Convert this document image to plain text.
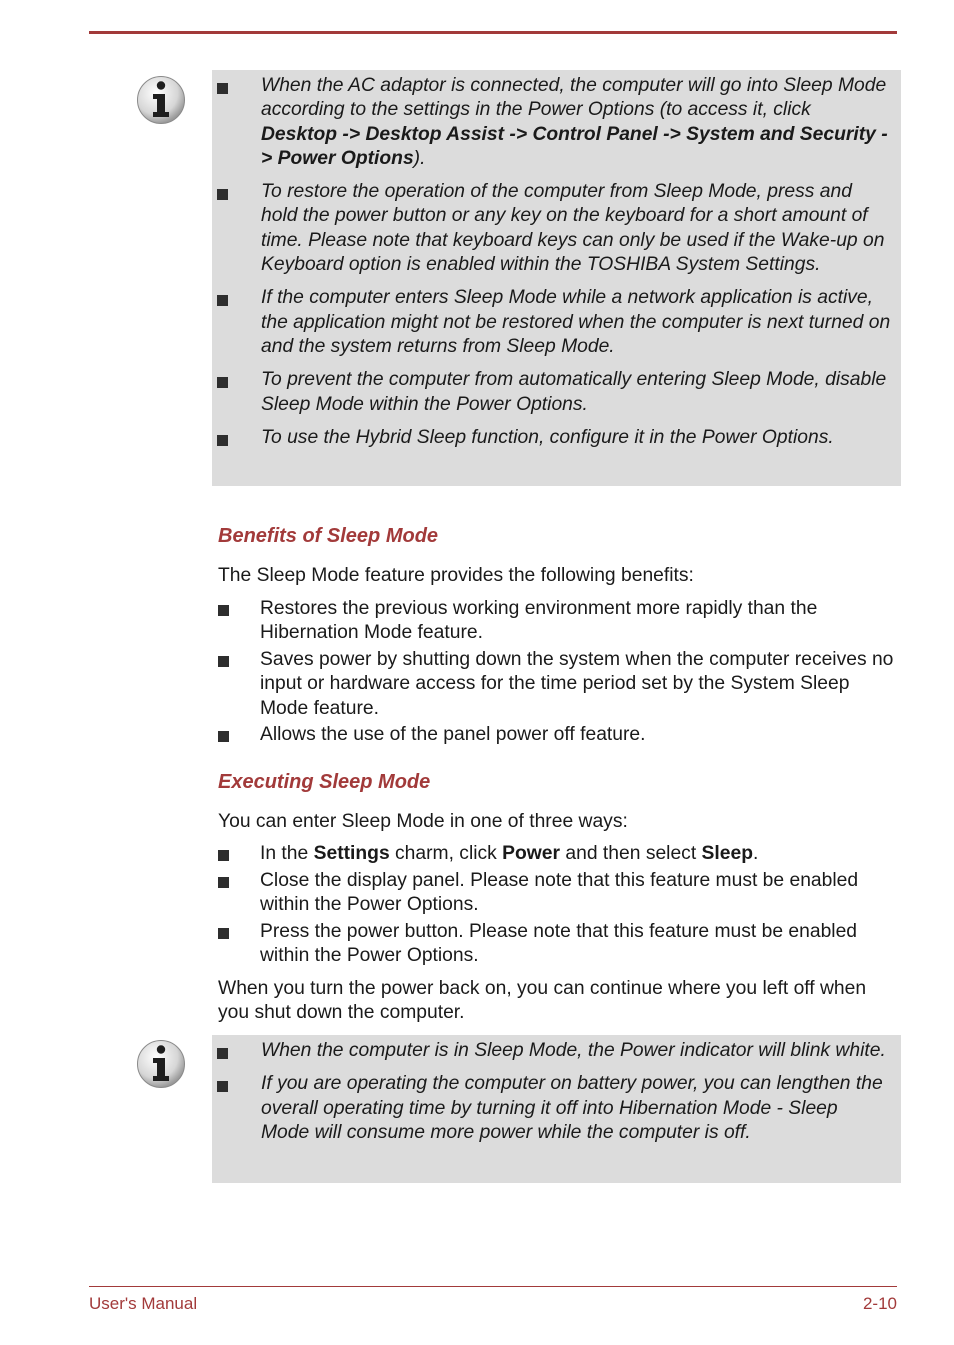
When the AC adaptor is connected, the computer will go into Sleep Mode according to the settings in the Power Options (to access it, click Desktop -> Desktop Assist -> Control Panel -> System and Security -> Power Options).
To restore the operation of the computer from Sleep Mode, press and hold the power button or any key on the keyboard for a short amount of time. Please note that keyboard keys can only be used if the Wake-up on Keyboard option is enabled within the TOSHIBA System Settings.
If the computer enters Sleep Mode while a network application is active, the application might not be restored when the computer is next turned on and the system returns from Sleep Mode.
To prevent the computer from automatically entering Sleep Mode, disable Sleep Mode within the Power Options.
To use the Hybrid Sleep function, configure it in the Power Options.
Benefits of Sleep Mode
The Sleep Mode feature provides the following benefits:
Restores the previous working environment more rapidly than the Hibernation Mode feature.
Saves power by shutting down the system when the computer receives no input or hardware access for the time period set by the System Sleep Mode feature.
Allows the use of the panel power off feature.
Executing Sleep Mode
You can enter Sleep Mode in one of three ways:
In the Settings charm, click Power and then select Sleep.
Close the display panel. Please note that this feature must be enabled within the Power Options.
Press the power button. Please note that this feature must be enabled within the Power Options.
When you turn the power back on, you can continue where you left off when you shut down the computer.
When the computer is in Sleep Mode, the Power indicator will blink white.
If you are operating the computer on battery power, you can lengthen the overall operating time by turning it off into Hibernation Mode - Sleep Mode will consume more power while the computer is off.
User's Manual	2-10
